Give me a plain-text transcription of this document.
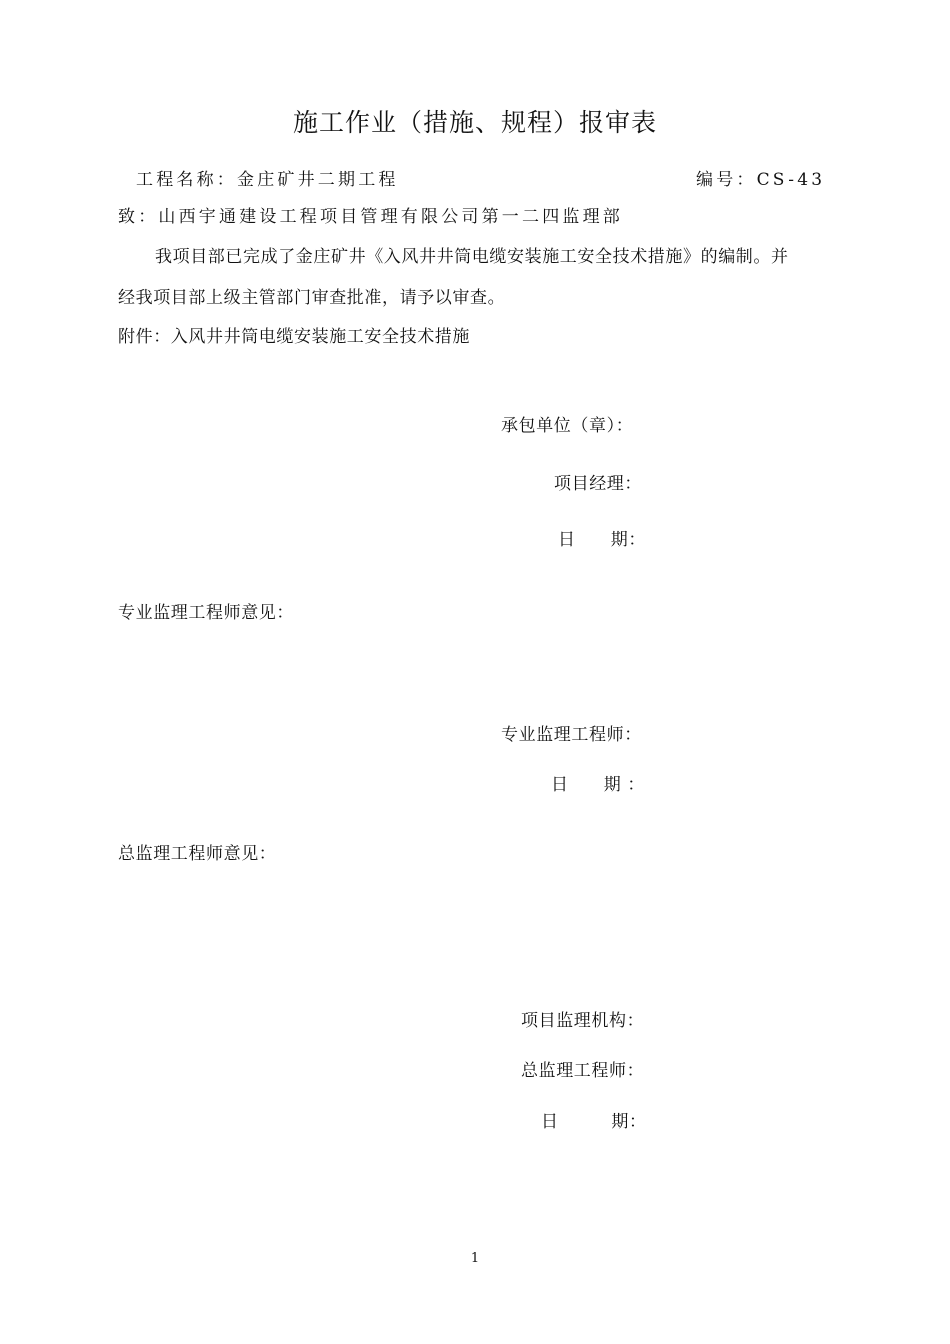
施工作业（措施、规程）报审表
工程名称：金庄矿井二期工程	编号：CS-43
致：山西宇通建设工程项目管理有限公司第一二四监理部
我项目部已完成了金庄矿井《入风井井筒电缆安装施工安全技术措施》的编制。并
经我项目部上级主管部门审查批准，请予以审查。
附件：入风井井筒电缆安装施工安全技术措施
承包单位（章）：
项目经理：
日　　期：
专业监理工程师意见：
专业监理工程师：
日　　期 ：
总监理工程师意见：
项目监理机构：
总监理工程师：
日　　　期：
1
